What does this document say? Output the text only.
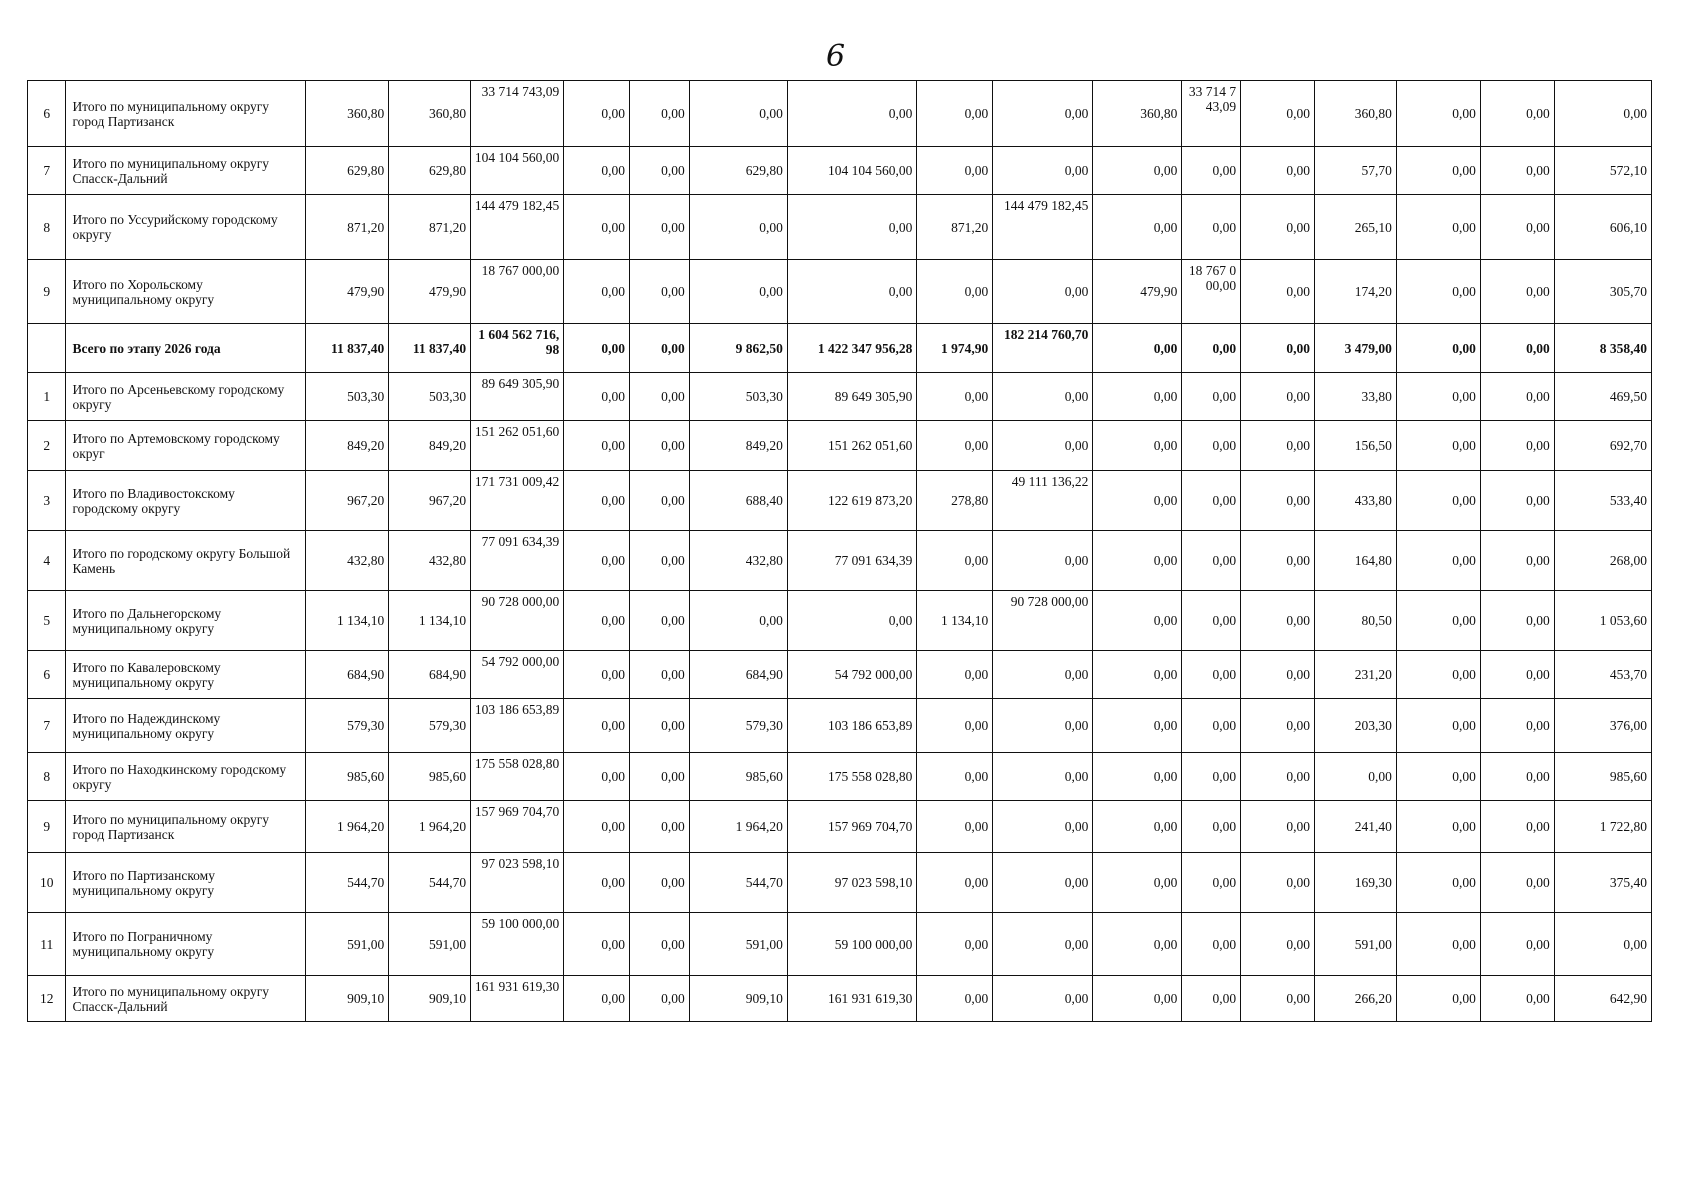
6
6	Итого по муниципальному округу город Партизанск	360,80	360,80	33 714 743,09	0,00	0,00	0,00	0,00	0,00	0,00	360,80	33 714 743,09	0,00	360,80	0,00	0,00	0,00
7	Итого по муниципальному округу Спасск-Дальний	629,80	629,80	104 104 560,00	0,00	0,00	629,80	104 104 560,00	0,00	0,00	0,00	0,00	0,00	57,70	0,00	0,00	572,10
8	Итого по Уссурийскому городскому округу	871,20	871,20	144 479 182,45	0,00	0,00	0,00	0,00	871,20	144 479 182,45	0,00	0,00	0,00	265,10	0,00	0,00	606,10
9	Итого по Хорольскому муниципальному округу	479,90	479,90	18 767 000,00	0,00	0,00	0,00	0,00	0,00	0,00	479,90	18 767 000,00	0,00	174,20	0,00	0,00	305,70
	Всего по этапу 2026 года	11 837,40	11 837,40	1 604 562 716,98	0,00	0,00	9 862,50	1 422 347 956,28	1 974,90	182 214 760,70	0,00	0,00	0,00	3 479,00	0,00	0,00	8 358,40
1	Итого по Арсеньевскому городскому округу	503,30	503,30	89 649 305,90	0,00	0,00	503,30	89 649 305,90	0,00	0,00	0,00	0,00	0,00	33,80	0,00	0,00	469,50
2	Итого по Артемовскому городскому округ	849,20	849,20	151 262 051,60	0,00	0,00	849,20	151 262 051,60	0,00	0,00	0,00	0,00	0,00	156,50	0,00	0,00	692,70
3	Итого по Владивостокскому городскому округу	967,20	967,20	171 731 009,42	0,00	0,00	688,40	122 619 873,20	278,80	49 111 136,22	0,00	0,00	0,00	433,80	0,00	0,00	533,40
4	Итого по городскому округу Большой Камень	432,80	432,80	77 091 634,39	0,00	0,00	432,80	77 091 634,39	0,00	0,00	0,00	0,00	0,00	164,80	0,00	0,00	268,00
5	Итого по Дальнегорскому муниципальному округу	1 134,10	1 134,10	90 728 000,00	0,00	0,00	0,00	0,00	1 134,10	90 728 000,00	0,00	0,00	0,00	80,50	0,00	0,00	1 053,60
6	Итого по Кавалеровскому муниципальному округу	684,90	684,90	54 792 000,00	0,00	0,00	684,90	54 792 000,00	0,00	0,00	0,00	0,00	0,00	231,20	0,00	0,00	453,70
7	Итого по Надеждинскому муниципальному округу	579,30	579,30	103 186 653,89	0,00	0,00	579,30	103 186 653,89	0,00	0,00	0,00	0,00	0,00	203,30	0,00	0,00	376,00
8	Итого по Находкинскому городскому округу	985,60	985,60	175 558 028,80	0,00	0,00	985,60	175 558 028,80	0,00	0,00	0,00	0,00	0,00	0,00	0,00	0,00	985,60
9	Итого по муниципальному округу город Партизанск	1 964,20	1 964,20	157 969 704,70	0,00	0,00	1 964,20	157 969 704,70	0,00	0,00	0,00	0,00	0,00	241,40	0,00	0,00	1 722,80
10	Итого по Партизанскому муниципальному округу	544,70	544,70	97 023 598,10	0,00	0,00	544,70	97 023 598,10	0,00	0,00	0,00	0,00	0,00	169,30	0,00	0,00	375,40
11	Итого по Пограничному муниципальному округу	591,00	591,00	59 100 000,00	0,00	0,00	591,00	59 100 000,00	0,00	0,00	0,00	0,00	0,00	591,00	0,00	0,00	0,00
12	Итого по муниципальному округу Спасск-Дальний	909,10	909,10	161 931 619,30	0,00	0,00	909,10	161 931 619,30	0,00	0,00	0,00	0,00	0,00	266,20	0,00	0,00	642,90
